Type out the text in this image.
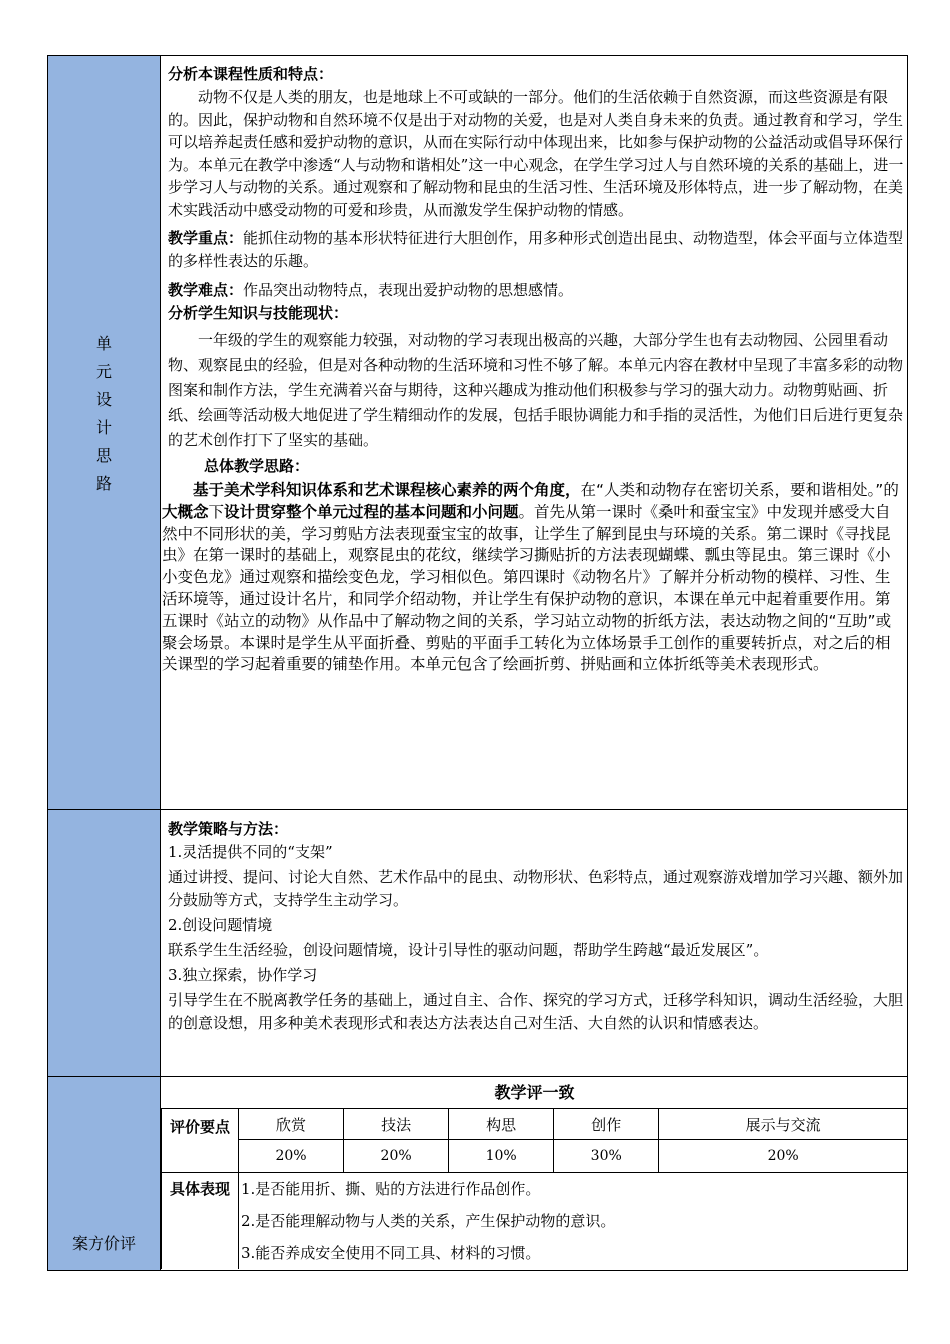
单
元
设
计
思
路
案方价评

分析本课程性质和特点：

动物不仅是人类的朋友，也是地球上不可或缺的一部分。他们的生活依赖于自然资源，而这些资源是有限的。因此，保护动物和自然环境不仅是出于对动物的关爱，也是对人类自身未来的负责。通过教育和学习，学生可以培养起责任感和爱护动物的意识，从而在实际行动中体现出来，比如参与保护动物的公益活动或倡导环保行为。本单元在教学中渗透“人与动物和谐相处”这一中心观念，在学生学习过人与自然环境的关系的基础上，进一步学习人与动物的关系。通过观察和了解动物和昆虫的生活习性、生活环境及形体特点，进一步了解动物，在美术实践活动中感受动物的可爱和珍贵，从而激发学生保护动物的情感。

教学重点：能抓住动物的基本形状特征进行大胆创作，用多种形式创造出昆虫、动物造型，体会平面与立体造型的多样性表达的乐趣。

教学难点：作品突出动物特点，表现出爱护动物的思想感情。

分析学生知识与技能现状：

一年级的学生的观察能力较强，对动物的学习表现出极高的兴趣，大部分学生也有去动物园、公园里看动物、观察昆虫的经验，但是对各种动物的生活环境和习性不够了解。本单元内容在教材中呈现了丰富多彩的动物图案和制作方法，学生充满着兴奋与期待，这种兴趣成为推动他们积极参与学习的强大动力。动物剪贴画、折纸、绘画等活动极大地促进了学生精细动作的发展，包括手眼协调能力和手指的灵活性，为他们日后进行更复杂的艺术创作打下了坚实的基础。

总体教学思路：

基于美术学科知识体系和艺术课程核心素养的两个角度，在“人类和动物存在密切关系，要和谐相处。”的大概念下设计贯穿整个单元过程的基本问题和小问题。首先从第一课时《桑叶和蚕宝宝》中发现并感受大自然中不同形状的美，学习剪贴方法表现蚕宝宝的故事，让学生了解到昆虫与环境的关系。第二课时《寻找昆虫》在第一课时的基础上，观察昆虫的花纹，继续学习撕贴折的方法表现蝴蝶、瓢虫等昆虫。第三课时《小小变色龙》通过观察和描绘变色龙，学习相似色。第四课时《动物名片》了解并分析动物的模样、习性、生活环境等，通过设计名片，和同学介绍动物，并让学生有保护动物的意识，本课在单元中起着重要作用。第五课时《站立的动物》从作品中了解动物之间的关系，学习站立动物的折纸方法，表达动物之间的“互助”或聚会场景。本课时是学生从平面折叠、剪贴的平面手工转化为立体场景手工创作的重要转折点，对之后的相关课型的学习起着重要的铺垫作用。本单元包含了绘画折剪、拼贴画和立体折纸等美术表现形式。

教学策略与方法：

1.灵活提供不同的“支架”

通过讲授、提问、讨论大自然、艺术作品中的昆虫、动物形状、色彩特点，通过观察游戏增加学习兴趣、额外加分鼓励等方式，支持学生主动学习。

2.创设问题情境

联系学生生活经验，创设问题情境，设计引导性的驱动问题，帮助学生跨越“最近发展区”。

3.独立探索，协作学习

引导学生在不脱离教学任务的基础上，通过自主、合作、探究的学习方式，迁移学科知识，调动生活经验，大胆的创意设想，用多种美术表现形式和表达方法表达自己对生活、大自然的认识和情感表达。

教学评一致
评价要点	欣赏	技法	构思	创作	展示与交流
	20%	20%	10%	30%	20%
具体表现	1.是否能用折、撕、贴的方法进行作品创作。

2.是否能理解动物与人类的关系，产生保护动物的意识。

3.能否养成安全使用不同工具、材料的习惯。				
